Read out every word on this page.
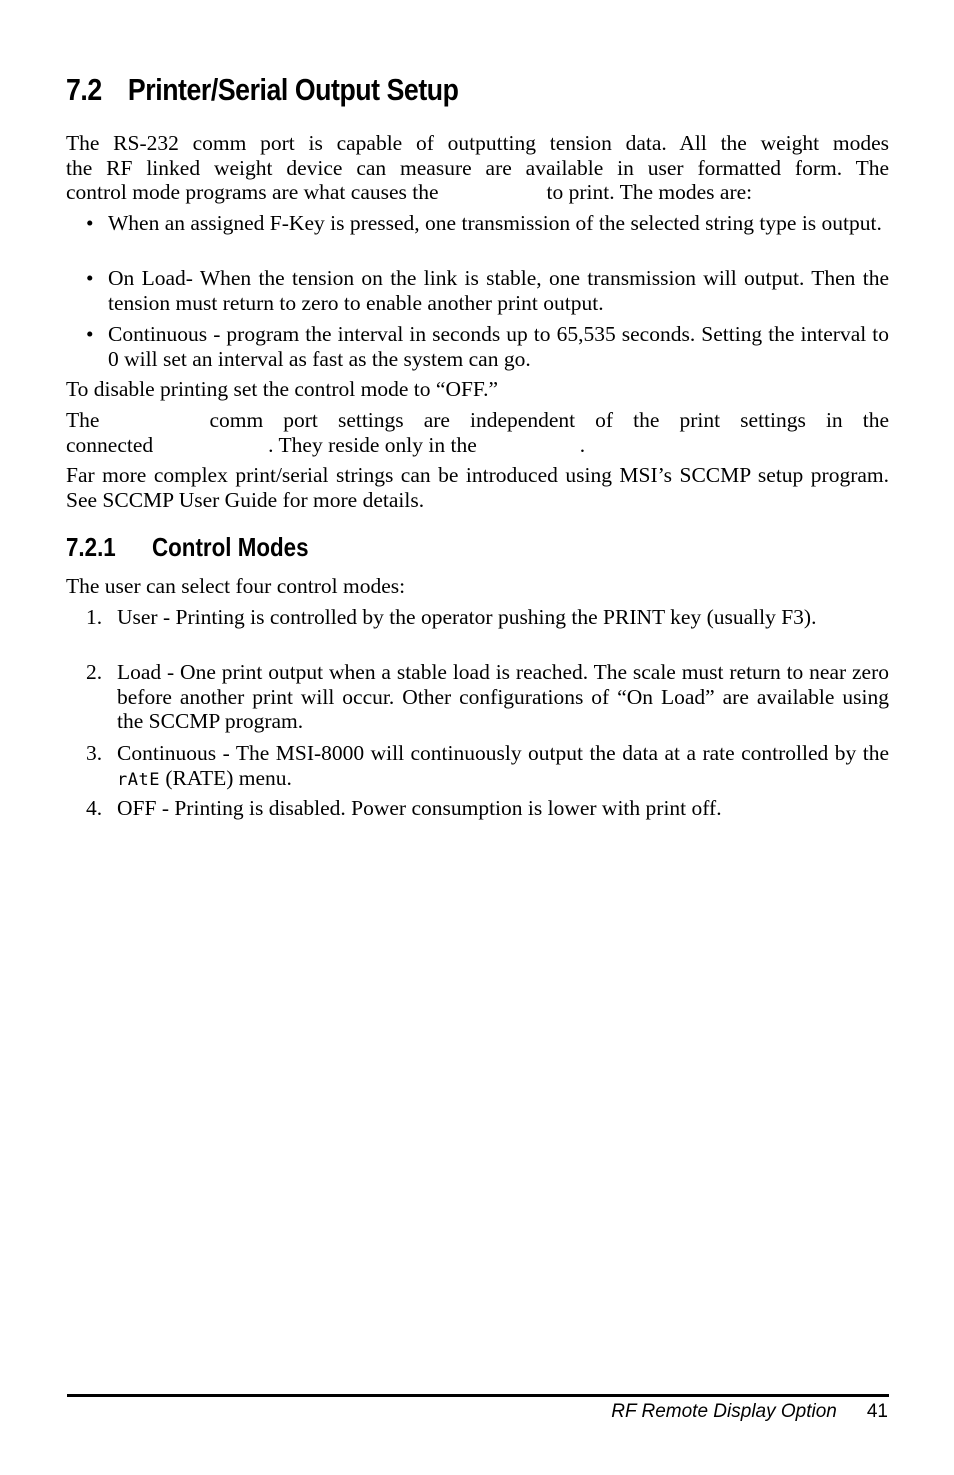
7.2 Printer/Serial Output Setup

The RS-232 comm port is capable of outputting tension data. All the weight modes

the RF linked weight device can measure are available in user formatted form. The

control mode programs are what causes the	to print. The modes are:

• When an assigned F-Key is pressed, one transmission of the selected string type is output.
• On Load- When the tension on the link is stable, one transmission will output. Then the tension must return to zero to enable another print output.
• Continuous - program the interval in seconds up to 65,535 seconds. Setting the interval to 0 will set an interval as fast as the system can go.

To disable printing set the control mode to “OFF.”

The	comm port settings are independent of the print settings in the

connected	. They reside only in the	.

Far more complex print/serial strings can be introduced using MSI’s SCCMP setup program. See SCCMP User Guide for more details.

7.2.1 Control Modes

The user can select four control modes:

1. User - Printing is controlled by the operator pushing the PRINT key (usually F3).
2. Load - One print output when a stable load is reached. The scale must return to near zero before another print will occur. Other configurations of “On Load” are available using the SCCMP program.
3. Continuous - The MSI-8000 will continuously output the data at a rate controlled by the rAtE (RATE) menu.
4. OFF - Printing is disabled. Power consumption is lower with print off.
RF Remote Display Option 41
